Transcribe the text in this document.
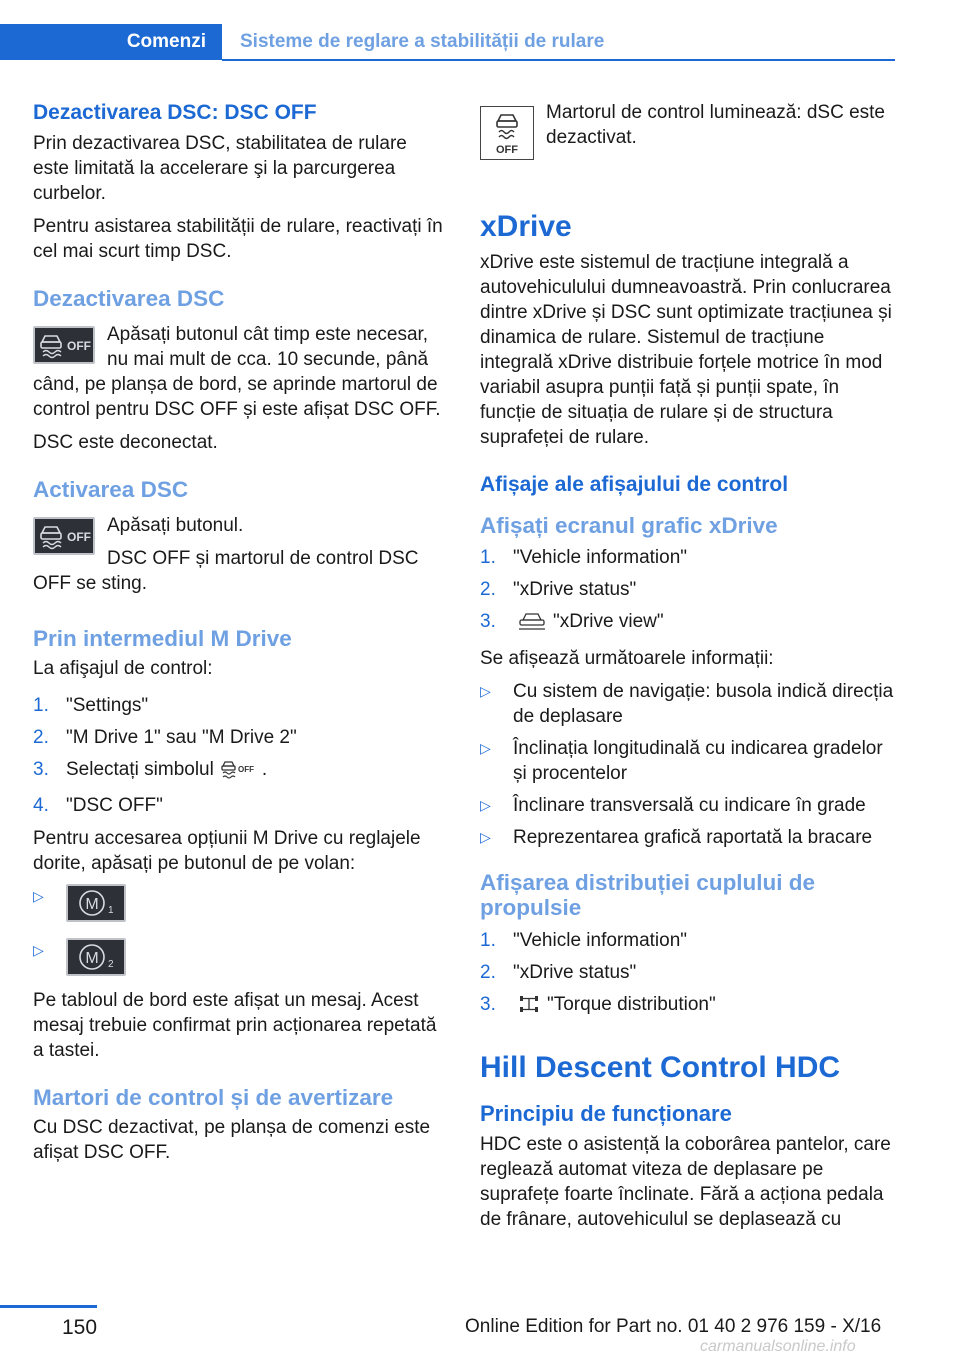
Comenzi	Sisteme de reglare a stabilității de rulare
Dezactivarea DSC: DSC OFF

Prin dezactivarea DSC, stabilitatea de rulare este limitată la accelerare şi la parcurgerea curbelor.

Pentru asistarea stabilității de rulare, reactivați în cel mai scurt timp DSC.

Dezactivarea DSC
OFF

Apăsați butonul cât timp este necesar, nu mai mult de cca. 10 secunde, până când, pe planșa de bord, se aprinde martorul de control pentru DSC OFF și este afișat DSC OFF.

DSC este deconectat.

Activarea DSC
OFF

Apăsați butonul.

DSC OFF și martorul de control DSC OFF se sting.

Prin intermediul M Drive

La afişajul de control:

1. "Settings"
2. "M Drive 1" sau "M Drive 2"
3. Selectați simbolul	OFF .
4. "DSC OFF"

Pentru accesarea opțiunii M Drive cu reglajele dorite, apăsați pe butonul de pe volan:

▷	M 1
▷	M 2

Pe tabloul de bord este afișat un mesaj. Acest mesaj trebuie confirmat prin acționarea repetată a tastei.

Martori de control și de avertizare

Cu DSC dezactivat, pe planșa de comenzi este afișat DSC OFF.

OFF

Martorul de control luminează: dSC este dezactivat.

xDrive

xDrive este sistemul de tracțiune integrală a autovehiculului dumneavoastră. Prin conlucrarea dintre xDrive și DSC sunt optimizate tracțiunea și dinamica de rulare. Sistemul de tracțiune integrală xDrive distribuie forțele motrice în mod variabil asupra punții față și punții spate, în funcție de situația de rulare și de structura suprafeței de rulare.

Afișaje ale afișajului de control
Afișați ecranul grafic xDrive
1. "Vehicle information"
2. "xDrive status"
3.	"xDrive view"

Se afișează următoarele informații:

▷ Cu sistem de navigație: busola indică direcția de deplasare
▷ Înclinația longitudinală cu indicarea gradelor și procentelor
▷ Înclinare transversală cu indicare în grade
▷ Reprezentarea grafică raportată la bracare
Afișarea distribuției cuplului de propulsie
1. "Vehicle information"
2. "xDrive status"
3.	"Torque distribution"
Hill Descent Control HDC
Principiu de funcționare

HDC este o asistență la coborârea pantelor, care reglează automat viteza de deplasare pe suprafețe foarte înclinate. Fără a acționa pedala de frânare, autovehiculul se deplasează cu

150	Online Edition for Part no. 01 40 2 976 159 - X/16
carmanualsonline.info
